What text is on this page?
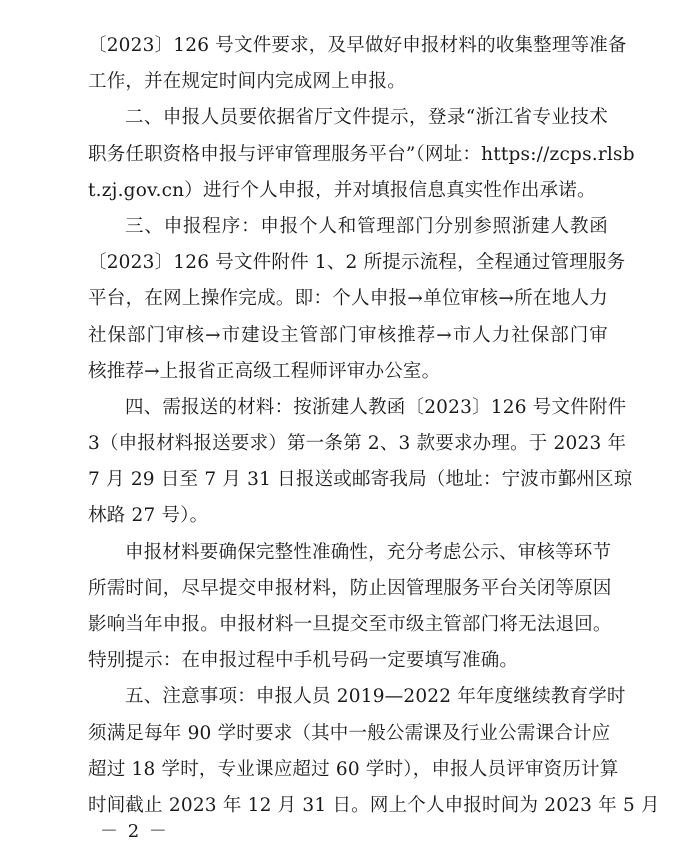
〔2023〕126 号文件要求，及早做好申报材料的收集整理等准备
工作，并在规定时间内完成网上申报。
二、申报人员要依据省厅文件提示，登录“浙江省专业技术
职务任职资格申报与评审管理服务平台”（网址：https://zcps.rlsb
t.zj.gov.cn）进行个人申报，并对填报信息真实性作出承诺。
三、申报程序：申报个人和管理部门分别参照浙建人教函
〔2023〕126 号文件附件 1、2 所提示流程，全程通过管理服务
平台，在网上操作完成。即：个人申报→单位审核→所在地人力
社保部门审核→市建设主管部门审核推荐→市人力社保部门审
核推荐→上报省正高级工程师评审办公室。
四、需报送的材料：按浙建人教函〔2023〕126 号文件附件
3（申报材料报送要求）第一条第 2、3 款要求办理。于 2023 年
7 月 29 日至 7 月 31 日报送或邮寄我局（地址：宁波市鄞州区琼
林路 27 号）。
申报材料要确保完整性准确性，充分考虑公示、审核等环节
所需时间，尽早提交申报材料，防止因管理服务平台关闭等原因
影响当年申报。申报材料一旦提交至市级主管部门将无法退回。
特别提示：在申报过程中手机号码一定要填写准确。
五、注意事项：申报人员 2019—2022 年年度继续教育学时
须满足每年 90 学时要求（其中一般公需课及行业公需课合计应
超过 18 学时，专业课应超过 60 学时），申报人员评审资历计算
时间截止 2023 年 12 月 31 日。网上个人申报时间为 2023 年 5 月
－ 2 －
